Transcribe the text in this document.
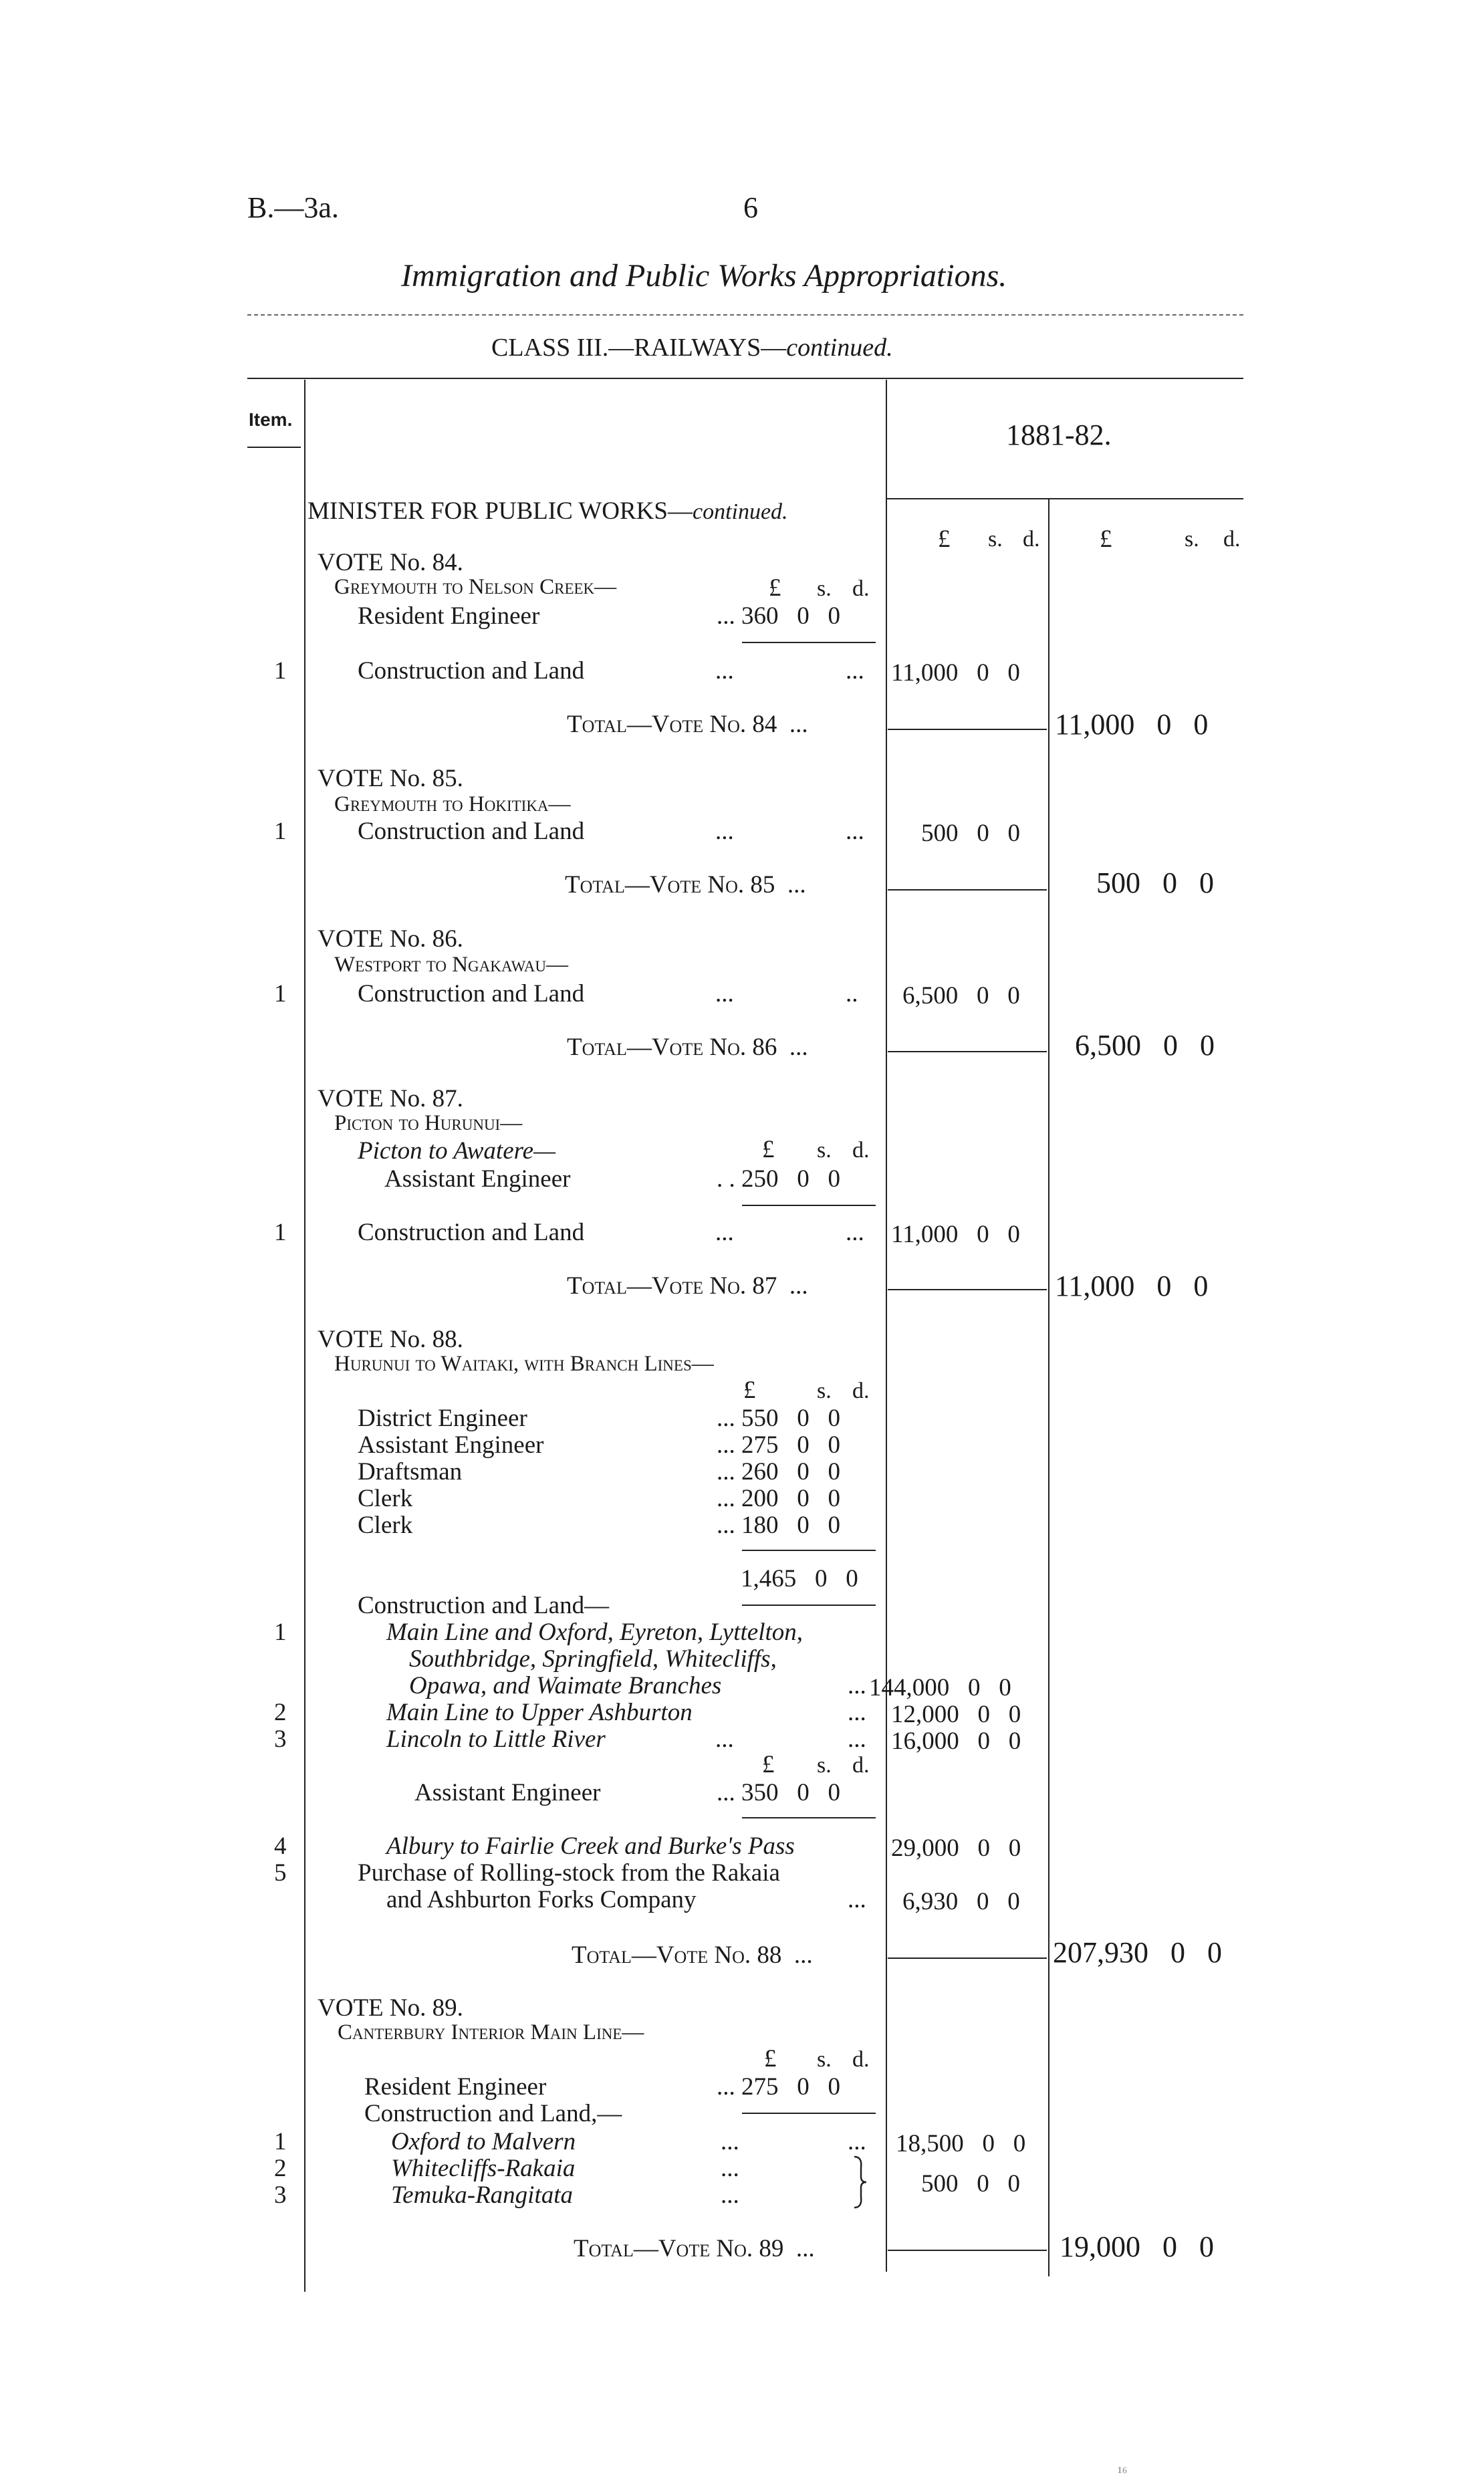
B.—3a.	6
Immigration and Public Works Appropriations.
CLASS III.—RAILWAYS—continued.
Item.	1881-82.
£ s. d. £	s. d.
MINISTER FOR PUBLIC WORKS—continued.
VOTE No. 84.
Greymouth to Nelson Creek—	£ s. d.
Resident Engineer	... 360 0 0
1	Construction and Land	...	... 11,000 0 0
Total—Vote No. 84 ...	11,000 0 0
VOTE No. 85.
Greymouth to Hokitika—
1	Construction and Land	...	... 500 0 0
Total—Vote No. 85 ...	500 0 0
VOTE No. 86.
Westport to Ngakawau—
1	Construction and Land	...	.. 6,500 0 0
Total—Vote No. 86 ...	6,500 0 0
VOTE No. 87.
Picton to Hurunui—
Picton to Awatere—	£ s. d.
Assistant Engineer	. . 250 0 0
1	Construction and Land	...	... 11,000 0 0
Total—Vote No. 87 ...	11,000 0 0
VOTE No. 88.
Hurunui to Waitaki, with Branch Lines—
£	s. d.
District Engineer	... 550 0 0
Assistant Engineer	... 275 0 0
Draftsman	... 260 0 0
Clerk	... 200 0 0
Clerk	... 180 0 0
1,465 0 0
Construction and Land—
1	Main Line and Oxford, Eyreton, Lyttelton,
Southbridge, Springfield, Whitecliffs,
Opawa, and Waimate Branches	... 144,000 0 0
2	Main Line to Upper Ashburton	... 12,000 0 0
3	Lincoln to Little River	...	... 16,000 0 0
£ s. d.
Assistant Engineer	... 350 0 0
4	Albury to Fairlie Creek and Burke's Pass	29,000 0 0
5	Purchase of Rolling-stock from the Rakaia
and Ashburton Forks Company	... 6,930 0 0
Total—Vote No. 88 ...	207,930 0 0
VOTE No. 89.
Canterbury Interior Main Line—
£ s. d.
Resident Engineer	... 275 0 0
Construction and Land,—
1	Oxford to Malvern	...	... 18,500 0 0
2	Whitecliffs-Rakaia	...
3	Temuka-Rangitata	...	500 0 0
Total—Vote No. 89 ...	19,000 0 0
¹⁶
